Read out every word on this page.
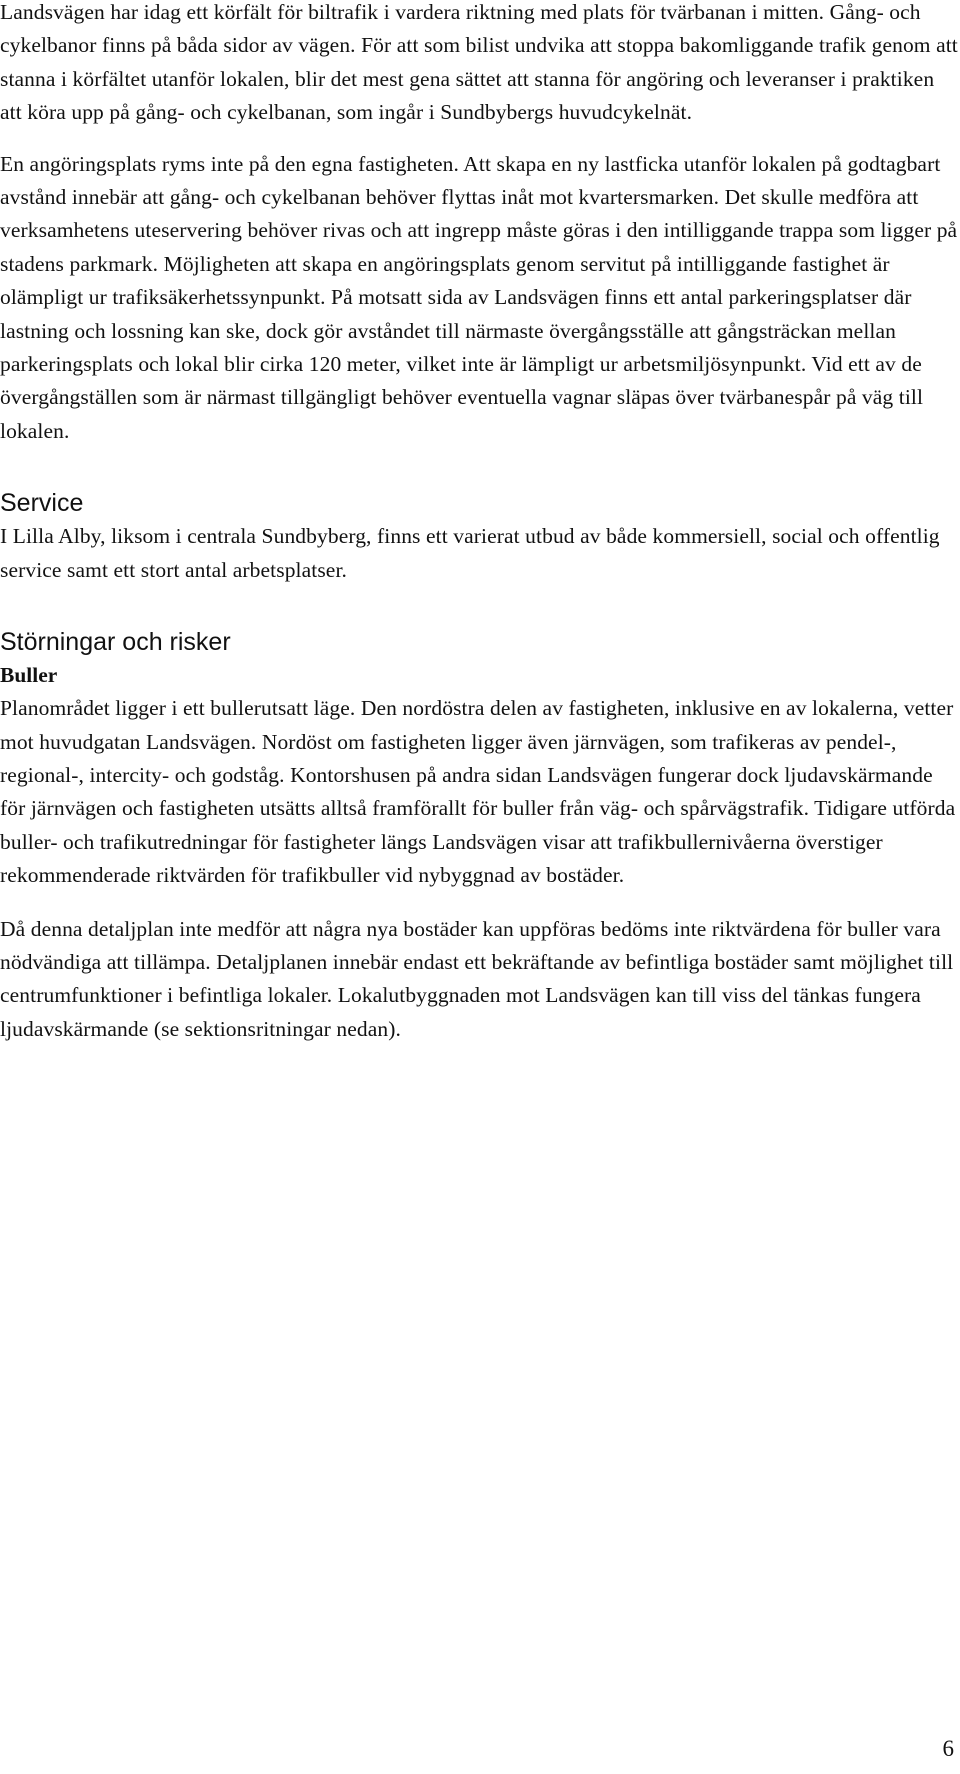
Landsvägen har idag ett körfält för biltrafik i vardera riktning med plats för tvärbanan i mitten. Gång- och cykelbanor finns på båda sidor av vägen. För att som bilist undvika att stoppa bakomliggande trafik genom att stanna i körfältet utanför lokalen, blir det mest gena sättet att stanna för angöring och leveranser i praktiken att köra upp på gång- och cykelbanan, som ingår i Sundbybergs huvudcykelnät.

En angöringsplats ryms inte på den egna fastigheten. Att skapa en ny lastficka utanför lokalen på godtagbart avstånd innebär att gång- och cykelbanan behöver flyttas inåt mot kvartersmarken. Det skulle medföra att verksamhetens uteservering behöver rivas och att ingrepp måste göras i den intilliggande trappa som ligger på stadens parkmark. Möjligheten att skapa en angöringsplats genom servitut på intilliggande fastighet är olämpligt ur trafiksäkerhetssynpunkt. På motsatt sida av Landsvägen finns ett antal parkeringsplatser där lastning och lossning kan ske, dock gör avståndet till närmaste övergångsställe att gångsträckan mellan parkeringsplats och lokal blir cirka 120 meter, vilket inte är lämpligt ur arbetsmiljösynpunkt. Vid ett av de övergångställen som är närmast tillgängligt behöver eventuella vagnar släpas över tvärbanespår på väg till lokalen.

Service

I Lilla Alby, liksom i centrala Sundbyberg, finns ett varierat utbud av både kommersiell, social och offentlig service samt ett stort antal arbetsplatser.

Störningar och risker
Buller

Planområdet ligger i ett bullerutsatt läge. Den nordöstra delen av fastigheten, inklusive en av lokalerna, vetter mot huvudgatan Landsvägen. Nordöst om fastigheten ligger även järnvägen, som trafikeras av pendel-, regional-, intercity- och godståg. Kontorshusen på andra sidan Landsvägen fungerar dock ljudavskärmande för järnvägen och fastigheten utsätts alltså framförallt för buller från väg- och spårvägstrafik. Tidigare utförda buller- och trafikutredningar för fastigheter längs Landsvägen visar att trafikbullernivåerna överstiger rekommenderade riktvärden för trafikbuller vid nybyggnad av bostäder.

Då denna detaljplan inte medför att några nya bostäder kan uppföras bedöms inte riktvärdena för buller vara nödvändiga att tillämpa. Detaljplanen innebär endast ett bekräftande av befintliga bostäder samt möjlighet till centrumfunktioner i befintliga lokaler. Lokalutbyggnaden mot Landsvägen kan till viss del tänkas fungera ljudavskärmande (se sektionsritningar nedan).

6
